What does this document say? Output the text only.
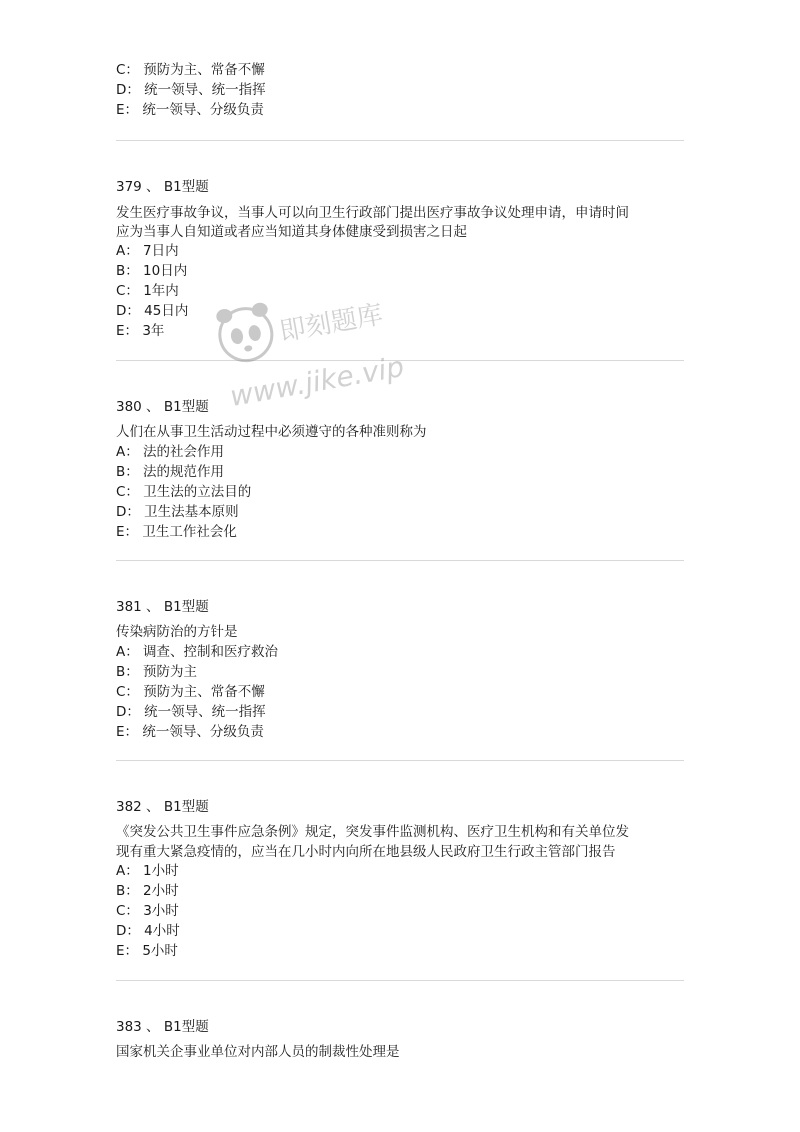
C： 预防为主、常备不懈
D： 统一领导、统一指挥
E： 统一领导、分级负责
379 、 B1型题
发生医疗事故争议，当事人可以向卫生行政部门提出医疗事故争议处理申请，申请时间
应为当事人自知道或者应当知道其身体健康受到损害之日起
A： 7日内
B： 10日内
C： 1年内
D： 45日内
E： 3年
380 、 B1型题
人们在从事卫生活动过程中必须遵守的各种准则称为
A： 法的社会作用
B： 法的规范作用
C： 卫生法的立法目的
D： 卫生法基本原则
E： 卫生工作社会化
381 、 B1型题
传染病防治的方针是
A： 调查、控制和医疗救治
B： 预防为主
C： 预防为主、常备不懈
D： 统一领导、统一指挥
E： 统一领导、分级负责
382 、 B1型题
《突发公共卫生事件应急条例》规定，突发事件监测机构、医疗卫生机构和有关单位发
现有重大紧急疫情的，应当在几小时内向所在地县级人民政府卫生行政主管部门报告
A： 1小时
B： 2小时
C： 3小时
D： 4小时
E： 5小时
383 、 B1型题
国家机关企事业单位对内部人员的制裁性处理是
即刻题库
www.jike.vip
